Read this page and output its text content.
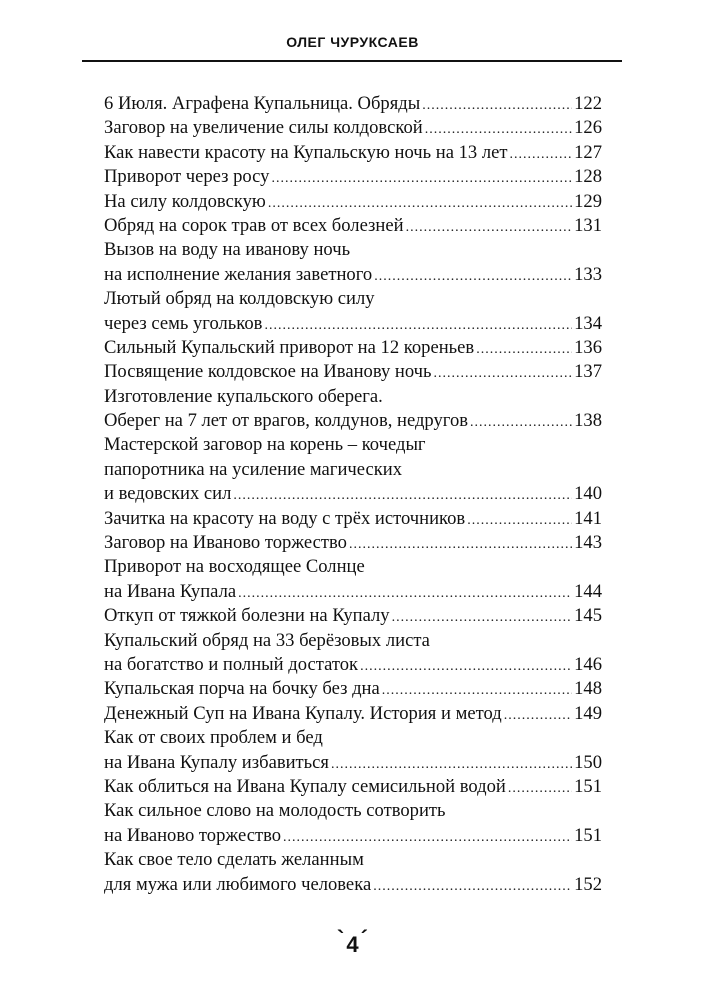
ОЛЕГ ЧУРУКСАЕВ
6 Июля. Аграфена Купальница. Обряды .....	122
Заговор на увеличение силы колдовской .....	126
Как навести красоту на Купальскую ночь на 13 лет .....	127
Приворот через росу .....	128
На силу колдовскую .....	129
Обряд на сорок трав от всех болезней .....	131
Вызов на воду на иванову ночь
на исполнение желания заветного .....	133
Лютый обряд на колдовскую силу
через семь угольков .....	134
Сильный Купальский приворот на 12 кореньев .....	136
Посвящение колдовское на Иванову ночь .....	137
Изготовление купальского оберега.
Оберег на 7 лет от врагов, колдунов, недругов .....	138
Мастерской заговор на корень – кочедыг
папоротника на усиление магических
и ведовских сил .....	140
Зачитка на красоту на воду с трёх источников .....	141
Заговор на Иваново торжество .....	143
Приворот на восходящее Солнце
на Ивана Купала .....	144
Откуп от тяжкой болезни на Купалу .....	145
Купальский обряд на 33 берёзовых листа
на богатство и полный достаток .....	146
Купальская порча на бочку без дна .....	148
Денежный Суп на Ивана Купалу. История и метод .....	149
Как от своих проблем и бед
на Ивана Купалу избавиться .....	150
Как облиться на Ивана Купалу семисильной водой .....	151
Как сильное слово на молодость сотворить
на Иваново торжество .....	151
Как свое тело сделать желанным
для мужа или любимого человека .....	152
`4´
